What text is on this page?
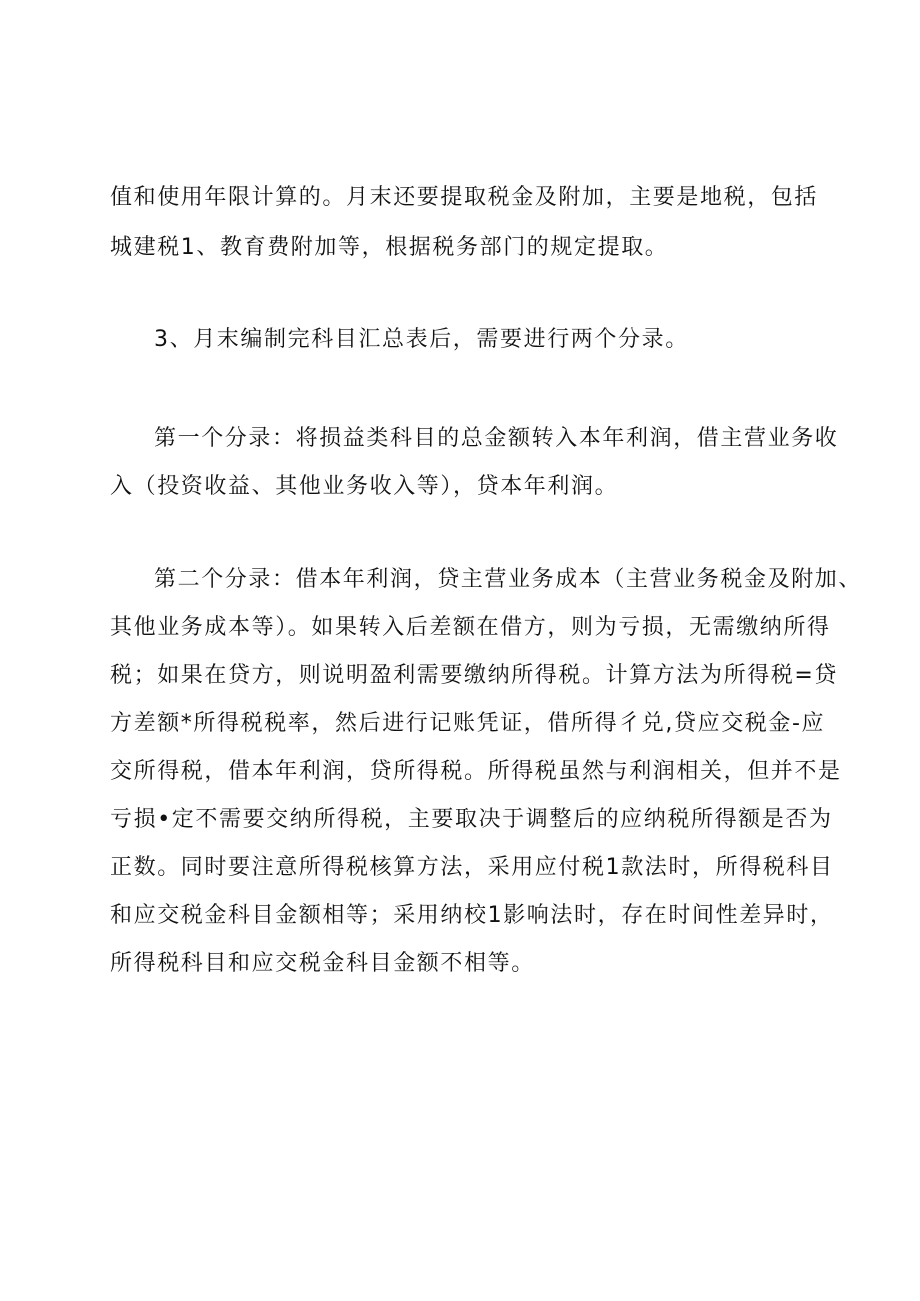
值和使用年限计算的。月末还要提取税金及附加，主要是地税，包括
城建税1、教育费附加等，根据税务部门的规定提取。
3、月末编制完科目汇总表后，需要进行两个分录。
第一个分录：将损益类科目的总金额转入本年利润，借主营业务收
入（投资收益、其他业务收入等），贷本年利润。
第二个分录：借本年利润，贷主营业务成本（主营业务税金及附加、
其他业务成本等）。如果转入后差额在借方，则为亏损，无需缴纳所得
税；如果在贷方，则说明盈利需要缴纳所得税。计算方法为所得税=贷
方差额*所得税税率，然后进行记账凭证，借所得彳兑,贷应交税金-应
交所得税，借本年利润，贷所得税。所得税虽然与利润相关，但并不是
亏损•定不需要交纳所得税，主要取决于调整后的应纳税所得额是否为
正数。同时要注意所得税核算方法，采用应付税1款法时，所得税科目
和应交税金科目金额相等；采用纳校1影响法时，存在时间性差异时，
所得税科目和应交税金科目金额不相等。
